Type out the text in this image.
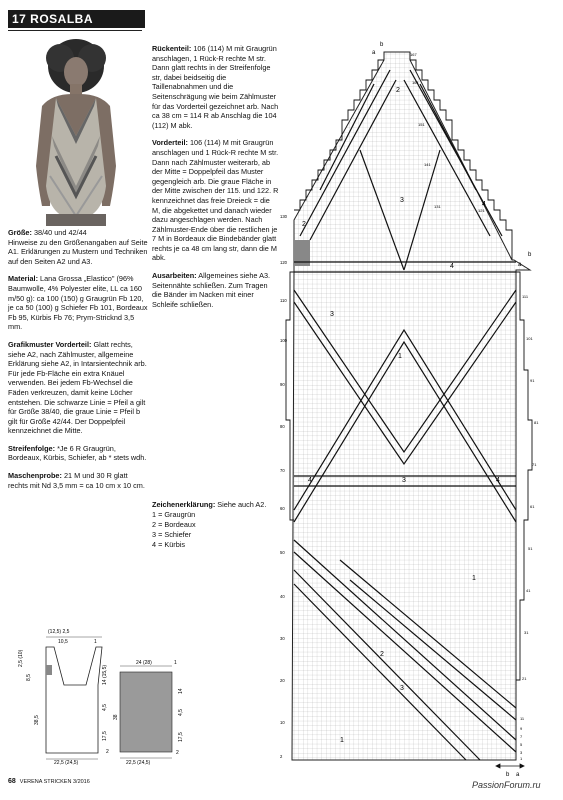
17 ROSALBA

Größe: 38/40 und 42/44
Hinweise zu den Größenangaben auf Seite A1. Erklärungen zu Mustern und Techniken auf den Seiten A2 und A3.

Material: Lana Grossa „Elastico" (96% Baumwolle, 4% Polyester elite, LL ca 160 m/50 g): ca 100 (150) g Graugrün Fb 120, je ca 50 (100) g Schiefer Fb 101, Bordeaux Fb 95, Kürbis Fb 76; Prym-Stricknd 3,5 mm.

Grafikmuster Vorderteil: Glatt rechts, siehe A2, nach Zählmuster, allgemeine Erklärung siehe A2, in Intarsientechnik arb. Für jede Fb-Fläche ein extra Knäuel verwenden. Bei jedem Fb-Wechsel die Fäden verkreuzen, damit keine Löcher entstehen. Die schwarze Linie = Pfeil a gilt für Größe 38/40, die graue Linie = Pfeil b gilt für Größe 42/44. Der Doppelpfeil kennzeichnet die Mitte.

Streifenfolge: *Je 6 R Graugrün, Bordeaux, Kürbis, Schiefer, ab * stets wdh.

Maschenprobe: 21 M und 30 R glatt rechts mit Nd 3,5 mm = ca 10 cm x 10 cm.

Rückenteil: 106 (114) M mit Graugrün anschlagen, 1 Rück-R rechte M str. Dann glatt rechts in der Streifenfolge str, dabei beidseitig die Taillenabnahmen und die Seitenschrägung wie beim Zählmuster für das Vorderteil gezeichnet arb. Nach ca 38 cm = 114 R ab Anschlag die 104 (112) M abk.

Vorderteil: 106 (114) M mit Graugrün anschlagen und 1 Rück-R rechte M str. Dann nach Zählmuster weiterarb, ab der Mitte = Doppelpfeil das Muster gegengleich arb. Die graue Fläche in der Mitte zwischen der 115. und 122. R kennzeichnet das freie Dreieck = die M, die abgekettet und danach wieder dazu angeschlagen werden. Nach Zählmuster-Ende über die restlichen je 7 M in Bordeaux die Bindebänder glatt rechts je ca 48 cm lang str, dann die M abk.

Ausarbeiten: Allgemeines siehe A3. Seitennähte schließen. Zum Tragen die Bänder im Nacken mit einer Schleife schließen.

Zeichenerklärung: Siehe auch A2.
1 = Graugrün
2 = Bordeaux
3 = Schiefer
4 = Kürbis
130
120
110
100
90
80
70
60
50
40
30
20
10
2
167
161
151
141
131
121
111
101
91
81
71
61
51
41
31
21
11
9
7
5
3
1
1
1
1
2
2
2
3
3
3
3
4
4	4
4
b
a
a
b
b a
(12,5) 2,5
10,5	1
2,5 (10)
8,5
38,5
14 (15,5)
4,5
17,5
2
22,5 (24,5)
24 (28)	1
38
14
4,5
17,5
2
22,5 (24,5)
68 VERENA STRICKEN 3/2016	PassionForum.ru
